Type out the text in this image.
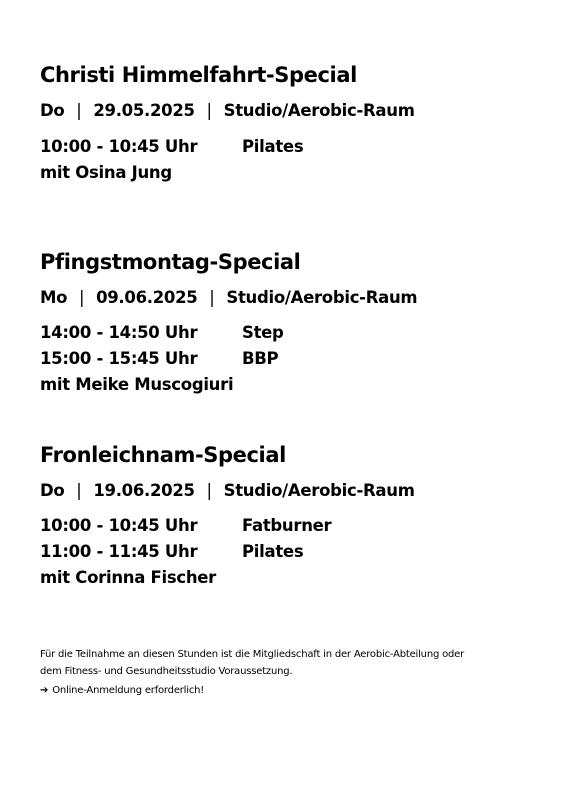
Christi Himmelfahrt-Special
Do | 29.05.2025 | Studio/Aerobic-Raum
10:00 - 10:45 Uhr	Pilates
mit Osina Jung
Pfingstmontag-Special
Mo | 09.06.2025 | Studio/Aerobic-Raum
14:00 - 14:50 Uhr	Step
15:00 - 15:45 Uhr	BBP
mit Meike Muscogiuri
Fronleichnam-Special
Do | 19.06.2025 | Studio/Aerobic-Raum
10:00 - 10:45 Uhr	Fatburner
11:00 - 11:45 Uhr	Pilates
mit Corinna Fischer

Für die Teilnahme an diesen Stunden ist die Mitgliedschaft in der Aerobic-Abteilung oder

dem Fitness- und Gesundheitsstudio Voraussetzung.

➔ Online-Anmeldung erforderlich!
